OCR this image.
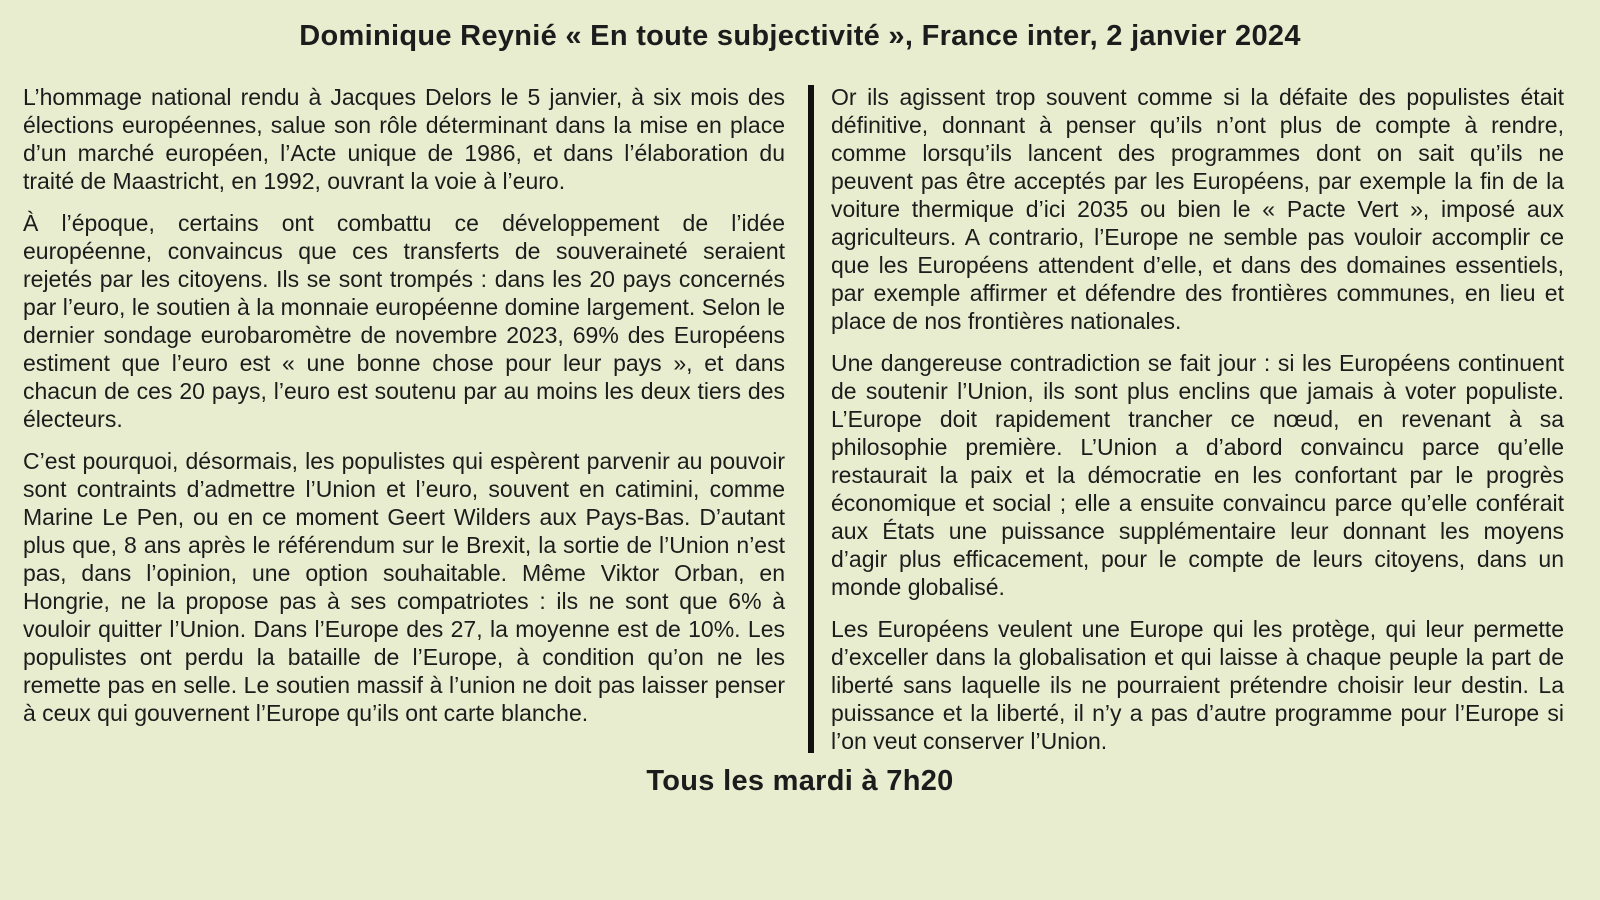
Dominique Reynié « En toute subjectivité », France inter, 2 janvier 2024

L’hommage national rendu à Jacques Delors le 5 janvier, à six mois des élections européennes, salue son rôle déterminant dans la mise en place d’un marché européen, l’Acte unique de 1986, et dans l’élaboration du traité de Maastricht, en 1992, ouvrant la voie à l’euro.

À l’époque, certains ont combattu ce développement de l’idée européenne, convaincus que ces transferts de souveraineté seraient rejetés par les citoyens. Ils se sont trompés : dans les 20 pays concernés par l’euro, le soutien à la monnaie européenne domine largement. Selon le dernier sondage eurobaromètre de novembre 2023, 69% des Européens estiment que l’euro est « une bonne chose pour leur pays », et dans chacun de ces 20 pays, l’euro est soutenu par au moins les deux tiers des électeurs.

C’est pourquoi, désormais, les populistes qui espèrent parvenir au pouvoir sont contraints d’admettre l’Union et l’euro, souvent en catimini, comme Marine Le Pen, ou en ce moment Geert Wilders aux Pays-Bas. D’autant plus que, 8 ans après le référendum sur le Brexit, la sortie de l’Union n’est pas, dans l’opinion, une option souhaitable. Même Viktor Orban, en Hongrie, ne la propose pas à ses compatriotes : ils ne sont que 6% à vouloir quitter l’Union. Dans l’Europe des 27, la moyenne est de 10%. Les populistes ont perdu la bataille de l’Europe, à condition qu’on ne les remette pas en selle. Le soutien massif à l’union ne doit pas laisser penser à ceux qui gouvernent l’Europe qu’ils ont carte blanche.

Or ils agissent trop souvent comme si la défaite des populistes était définitive, donnant à penser qu’ils n’ont plus de compte à rendre, comme lorsqu’ils lancent des programmes dont on sait qu’ils ne peuvent pas être acceptés par les Européens, par exemple la fin de la voiture thermique d’ici 2035 ou bien le « Pacte Vert », imposé aux agriculteurs. A contrario, l’Europe ne semble pas vouloir accomplir ce que les Européens attendent d’elle, et dans des domaines essentiels, par exemple affirmer et défendre des frontières communes, en lieu et place de nos frontières nationales.

Une dangereuse contradiction se fait jour : si les Européens continuent de soutenir l’Union, ils sont plus enclins que jamais à voter populiste. L’Europe doit rapidement trancher ce nœud, en revenant à sa philosophie première. L’Union a d’abord convaincu parce qu’elle restaurait la paix et la démocratie en les confortant par le progrès économique et social ; elle a ensuite convaincu parce qu’elle conférait aux États une puissance supplémentaire leur donnant les moyens d’agir plus efficacement, pour le compte de leurs citoyens, dans un monde globalisé.

Les Européens veulent une Europe qui les protège, qui leur permette d’exceller dans la globalisation et qui laisse à chaque peuple la part de liberté sans laquelle ils ne pourraient prétendre choisir leur destin. La puissance et la liberté, il n’y a pas d’autre programme pour l’Europe si l’on veut conserver l’Union.

Tous les mardi à 7h20
